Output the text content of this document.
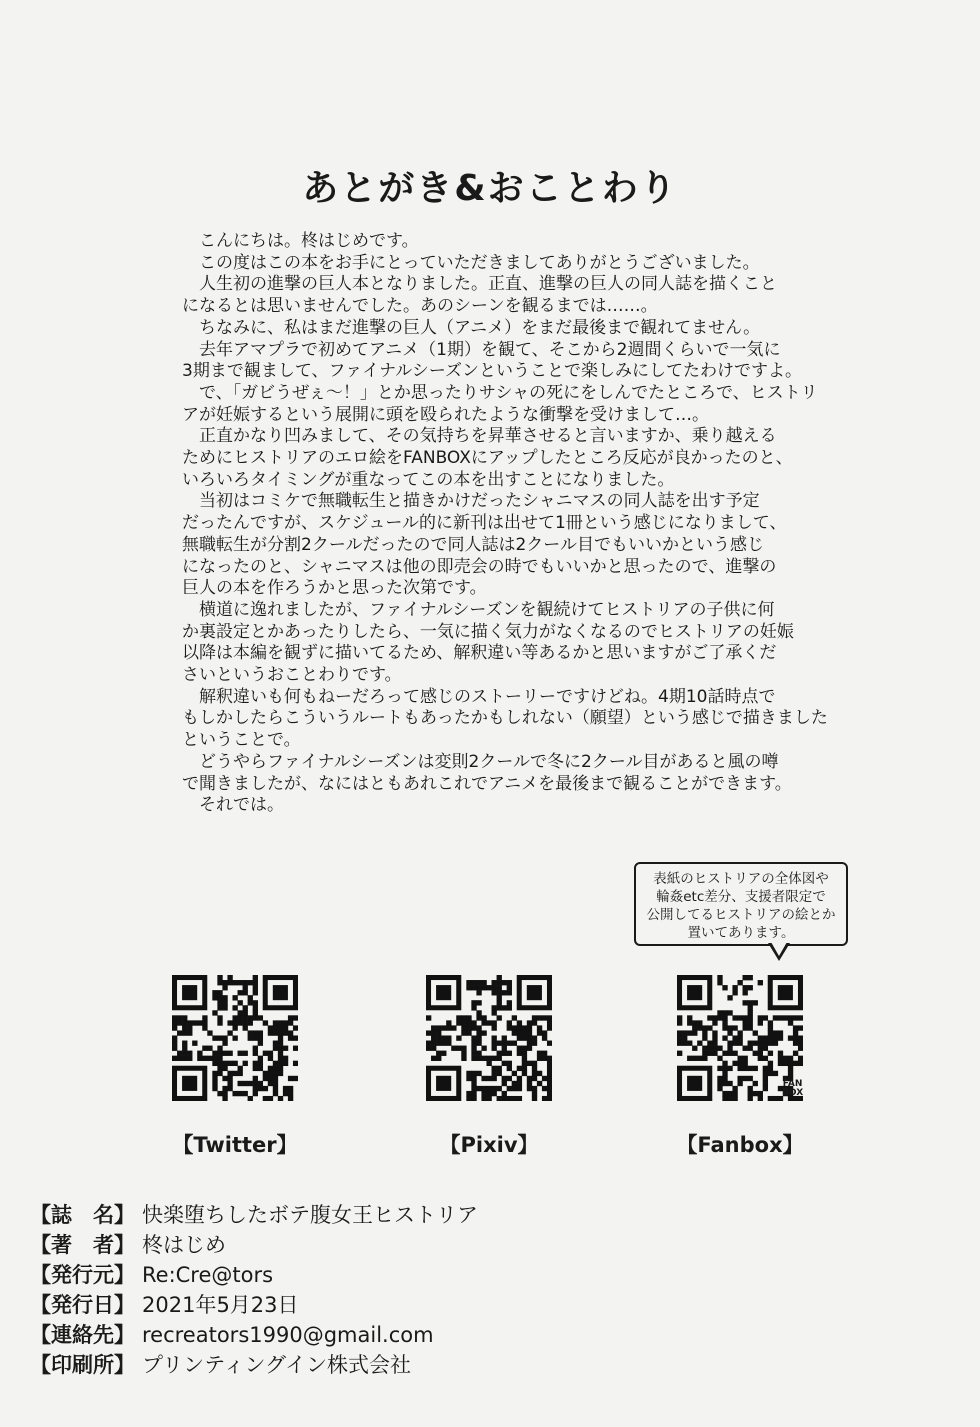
あとがき&おことわり

こんにちは。柊はじめです。

この度はこの本をお手にとっていただきましてありがとうございました。

人生初の進撃の巨人本となりました。正直、進撃の巨人の同人誌を描くこと

になるとは思いませんでした。あのシーンを観るまでは……。

ちなみに、私はまだ進撃の巨人（アニメ）をまだ最後まで観れてません。

去年アマプラで初めてアニメ（1期）を観て、そこから2週間くらいで一気に

3期まで観まして、ファイナルシーズンということで楽しみにしてたわけですよ。

で、「ガビうぜぇ～！」とか思ったりサシャの死にをしんでたところで、ヒストリ

アが妊娠するという展開に頭を殴られたような衝撃を受けまして…。

正直かなり凹みまして、その気持ちを昇華させると言いますか、乗り越える

ためにヒストリアのエロ絵をFANBOXにアップしたところ反応が良かったのと、

いろいろタイミングが重なってこの本を出すことになりました。

当初はコミケで無職転生と描きかけだったシャニマスの同人誌を出す予定

だったんですが、スケジュール的に新刊は出せて1冊という感じになりまして、

無職転生が分割2クールだったので同人誌は2クール目でもいいかという感じ

になったのと、シャニマスは他の即売会の時でもいいかと思ったので、進撃の

巨人の本を作ろうかと思った次第です。

横道に逸れましたが、ファイナルシーズンを観続けてヒストリアの子供に何

か裏設定とかあったりしたら、一気に描く気力がなくなるのでヒストリアの妊娠

以降は本編を観ずに描いてるため、解釈違い等あるかと思いますがご了承くだ

さいというおことわりです。

解釈違いも何もねーだろって感じのストーリーですけどね。4期10話時点で

もしかしたらこういうルートもあったかもしれない（願望）という感じで描きました

ということで。

どうやらファイナルシーズンは変則2クールで冬に2クール目があると風の噂

で聞きましたが、なにはともあれこれでアニメを最後まで観ることができます。

それでは。

表紙のヒストリアの全体図や
輪姦etc差分、支援者限定で
公開してるヒストリアの絵とか
置いてあります。
【Twitter】	【Pixiv】	【Fanbox】
FAN
BOX
【誌　名】 快楽堕ちしたボテ腹女王ヒストリア
【著　者】 柊はじめ
【発行元】 Re:Cre@tors
【発行日】 2021年5月23日
【連絡先】 recreators1990@gmail.com
【印刷所】 プリンティングイン株式会社
